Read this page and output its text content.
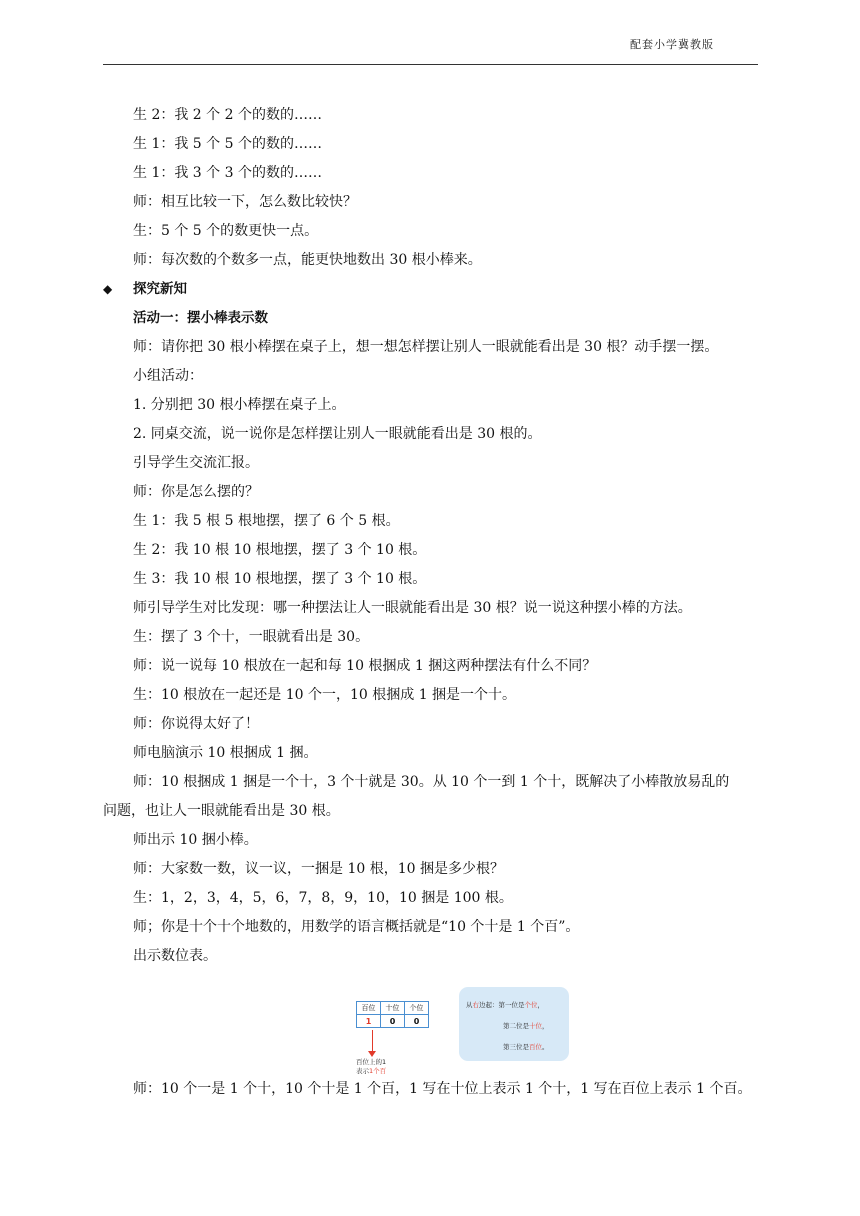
配套小学冀教版
生 2：我 2 个 2 个的数的……
生 1：我 5 个 5 个的数的……
生 1：我 3 个 3 个的数的……
师：相互比较一下，怎么数比较快？
生：5 个 5 个的数更快一点。
师：每次数的个数多一点，能更快地数出 30 根小棒来。
◆ 探究新知
活动一：摆小棒表示数
师：请你把 30 根小棒摆在桌子上，想一想怎样摆让别人一眼就能看出是 30 根？动手摆一摆。
小组活动：
1. 分别把 30 根小棒摆在桌子上。
2. 同桌交流，说一说你是怎样摆让别人一眼就能看出是 30 根的。
引导学生交流汇报。
师：你是怎么摆的？
生 1：我 5 根 5 根地摆，摆了 6 个 5 根。
生 2：我 10 根 10 根地摆，摆了 3 个 10 根。
生 3：我 10 根 10 根地摆，摆了 3 个 10 根。
师引导学生对比发现：哪一种摆法让人一眼就能看出是 30 根？说一说这种摆小棒的方法。
生：摆了 3 个十，一眼就看出是 30。
师：说一说每 10 根放在一起和每 10 根捆成 1 捆这两种摆法有什么不同？
生：10 根放在一起还是 10 个一，10 根捆成 1 捆是一个十。
师：你说得太好了！
师电脑演示 10 根捆成 1 捆。
师：10 根捆成 1 捆是一个十，3 个十就是 30。从 10 个一到 1 个十，既解决了小棒散放易乱的
问题，也让人一眼就能看出是 30 根。
师出示 10 捆小棒。
师：大家数一数，议一议，一捆是 10 根，10 捆是多少根？
生：1，2，3，4，5，6，7，8，9，10，10 捆是 100 根。
师；你是十个十个地数的，用数学的语言概括就是“10 个十是 1 个百”。
出示数位表。
百位	十位	个位
1	0	0
百位上的1
表示1个百
从右边起：第一位是个位，
第二位是十位，
第三位是百位。
师：10 个一是 1 个十，10 个十是 1 个百，1 写在十位上表示 1 个十，1 写在百位上表示 1 个百。
